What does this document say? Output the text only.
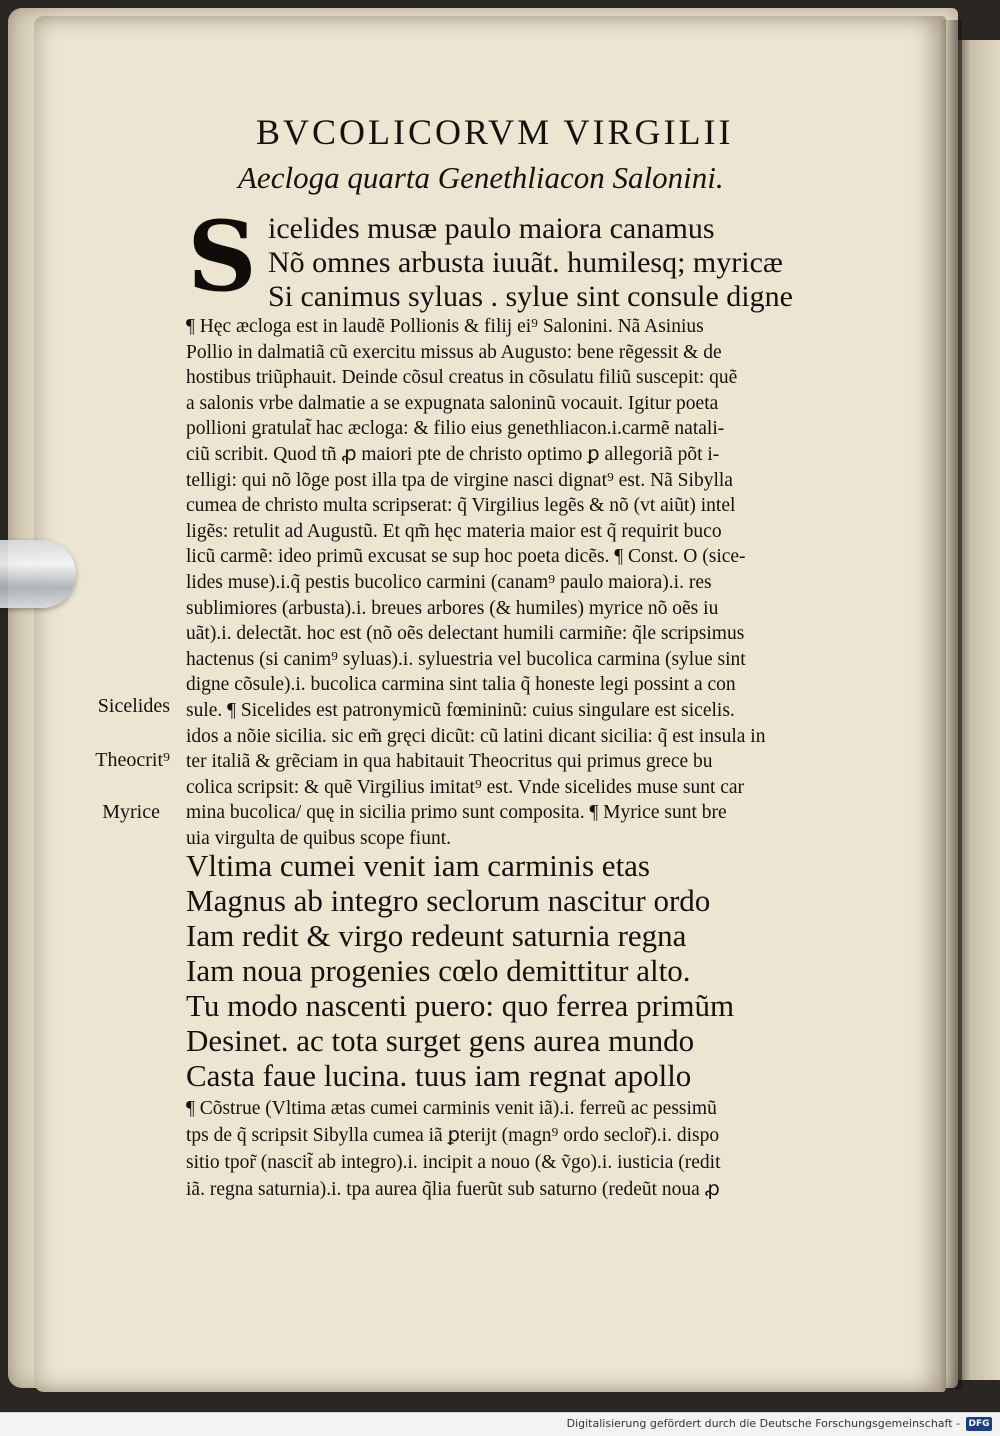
BVCOLICORVM VIRGILII
Aecloga quarta Genethliacon Salonini.
S icelides musæ paulo maiora canamus
Nõ omnes arbusta iuuãt. humilesq; myricæ
Si canimus syluas . sylue sint consule digne
¶ Hęc æcloga est in laudẽ Pollionis & filij ei⁹ Salonini. Nã Asinius
Pollio in dalmatiã cũ exercitu missus ab Augusto: bene rẽgessit & de
hostibus triũphauit. Deinde cõsul creatus in cõsulatu filiũ suscepit: quẽ
a salonis vrbe dalmatie a se expugnata saloninũ vocauit. Igitur poeta
pollioni gratulat̃ hac æcloga: & filio eius genethliacon.i.carmẽ natali-
ciũ scribit. Quod tñ ꝓ maiori pte de christo optimo ꝑ allegoriã põt i-
telligi: qui nõ lõge post illa tpa de virgine nasci dignat⁹ est. Nã Sibylla
cumea de christo multa scripserat: q̃ Virgilius legẽs & nõ (vt aiũt) intel
ligẽs: retulit ad Augustũ. Et qm̃ hęc materia maior est q̃ requirit buco
licũ carmẽ: ideo primũ excusat se sup hoc poeta dicẽs. ¶ Const. O (sice-
lides muse).i.q̃ pestis bucolico carmini (canam⁹ paulo maiora).i. res
sublimiores (arbusta).i. breues arbores (& humiles) myrice nõ oẽs iu
uãt).i. delectãt. hoc est (nõ oẽs delectant humili carmiñe: q̃le scripsimus
hactenus (si canim⁹ syluas).i. syluestria vel bucolica carmina (sylue sint
digne cõsule).i. bucolica carmina sint talia q̃ honeste legi possint a con
sule. ¶ Sicelides est patronymicũ fœmininũ: cuius singulare est sicelis.
idos a nõie sicilia. sic em̃ gręci dicũt: cũ latini dicant sicilia: q̃ est insula in
ter italiã & grẽciam in qua habitauit Theocritus qui primus grece bu
colica scripsit: & quẽ Virgilius imitat⁹ est. Vnde sicelides muse sunt car
mina bucolica/ quę in sicilia primo sunt composita. ¶ Myrice sunt bre
uia virgulta de quibus scope fiunt.
Sicelides
Theocrit⁹
Myrice
Vltima cumei venit iam carminis etas
Magnus ab integro seclorum nascitur ordo
Iam redit & virgo redeunt saturnia regna
Iam noua progenies cœlo demittitur alto.
Tu modo nascenti puero: quo ferrea primũm
Desinet. ac tota surget gens aurea mundo
Casta faue lucina. tuus iam regnat apollo
¶ Cõstrue (Vltima ætas cumei carminis venit iã).i. ferreũ ac pessimũ
tps de q̃ scripsit Sibylla cumea iã ꝑterijt (magn⁹ ordo seclor̃).i. dispo
sitio tpor̃ (nascit̃ ab integro).i. incipit a nouo (& ṽgo).i. iusticia (redit
iã. regna saturnia).i. tpa aurea q̃lia fuerũt sub saturno (redeũt noua ꝓ
Digitalisierung gefördert durch die Deutsche Forschungsgemeinschaft - DFG
